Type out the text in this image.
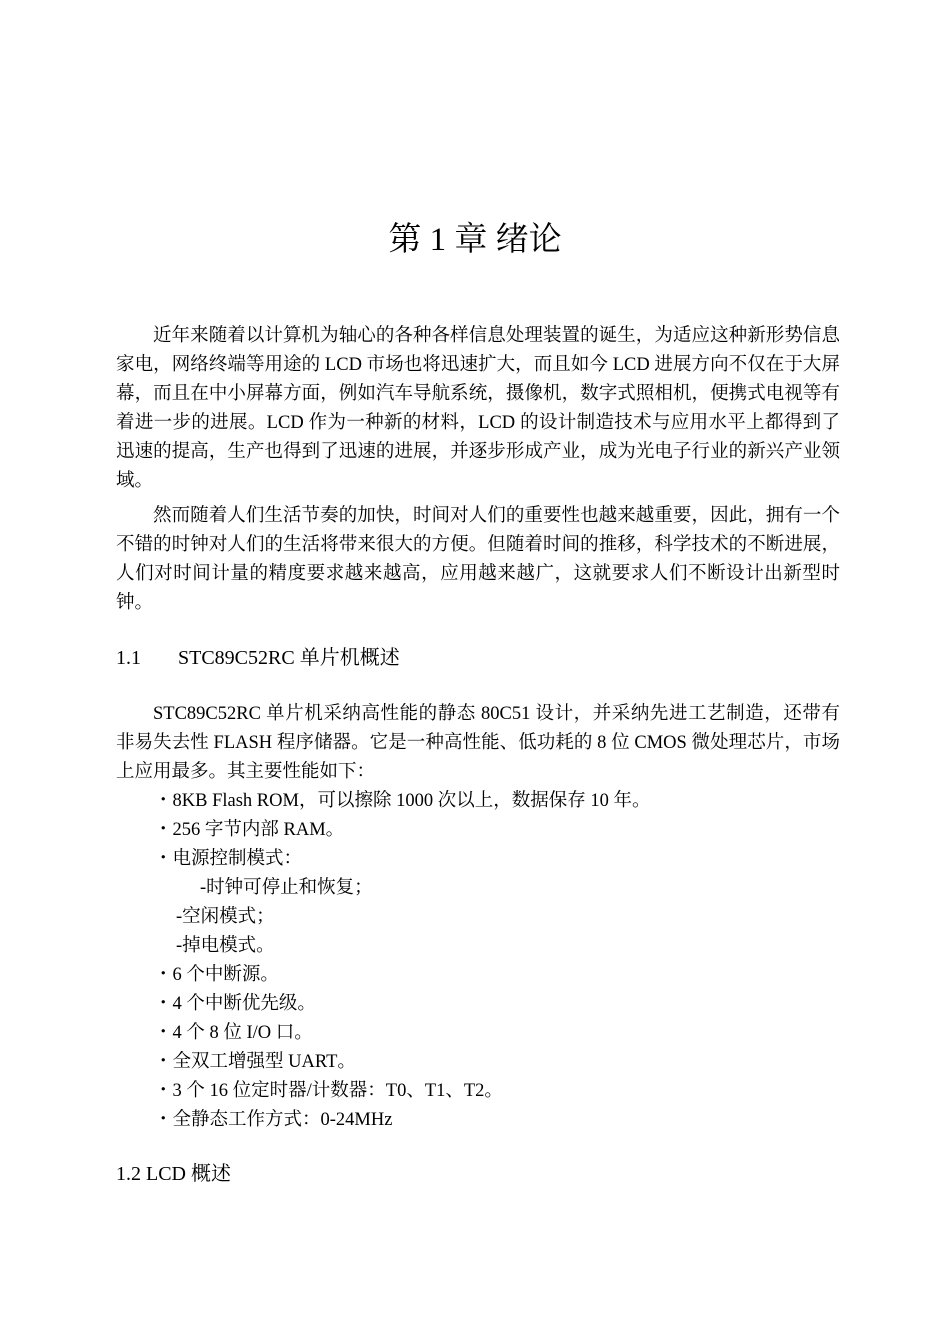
第 1 章 绪论

近年来随着以计算机为轴心的各种各样信息处理装置的诞生，为适应这种新形势信息家电，网络终端等用途的 LCD 市场也将迅速扩大，而且如今 LCD 进展方向不仅在于大屏幕，而且在中小屏幕方面，例如汽车导航系统，摄像机，数字式照相机，便携式电视等有着进一步的进展。LCD 作为一种新的材料，LCD 的设计制造技术与应用水平上都得到了迅速的提高，生产也得到了迅速的进展，并逐步形成产业，成为光电子行业的新兴产业领域。

然而随着人们生活节奏的加快，时间对人们的重要性也越来越重要，因此，拥有一个不错的时钟对人们的生活将带来很大的方便。但随着时间的推移，科学技术的不断进展，人们对时间计量的精度要求越来越高，应用越来越广，这就要求人们不断设计出新型时钟。

1.1 STC89C52RC 单片机概述

STC89C52RC 单片机采纳高性能的静态 80C51 设计，并采纳先进工艺制造，还带有非易失去性 FLASH 程序储器。它是一种高性能、低功耗的 8 位 CMOS 微处理芯片，市场上应用最多。其主要性能如下：

・8KB Flash ROM，可以擦除 1000 次以上，数据保存 10 年。
・256 字节内部 RAM。
・电源控制模式：
-时钟可停止和恢复；
-空闲模式；
-掉电模式。
・6 个中断源。
・4 个中断优先级。
・4 个 8 位 I/O 口。
・全双工增强型 UART。
・3 个 16 位定时器/计数器：T0、T1、T2。
・全静态工作方式：0-24MHz
1.2 LCD 概述
